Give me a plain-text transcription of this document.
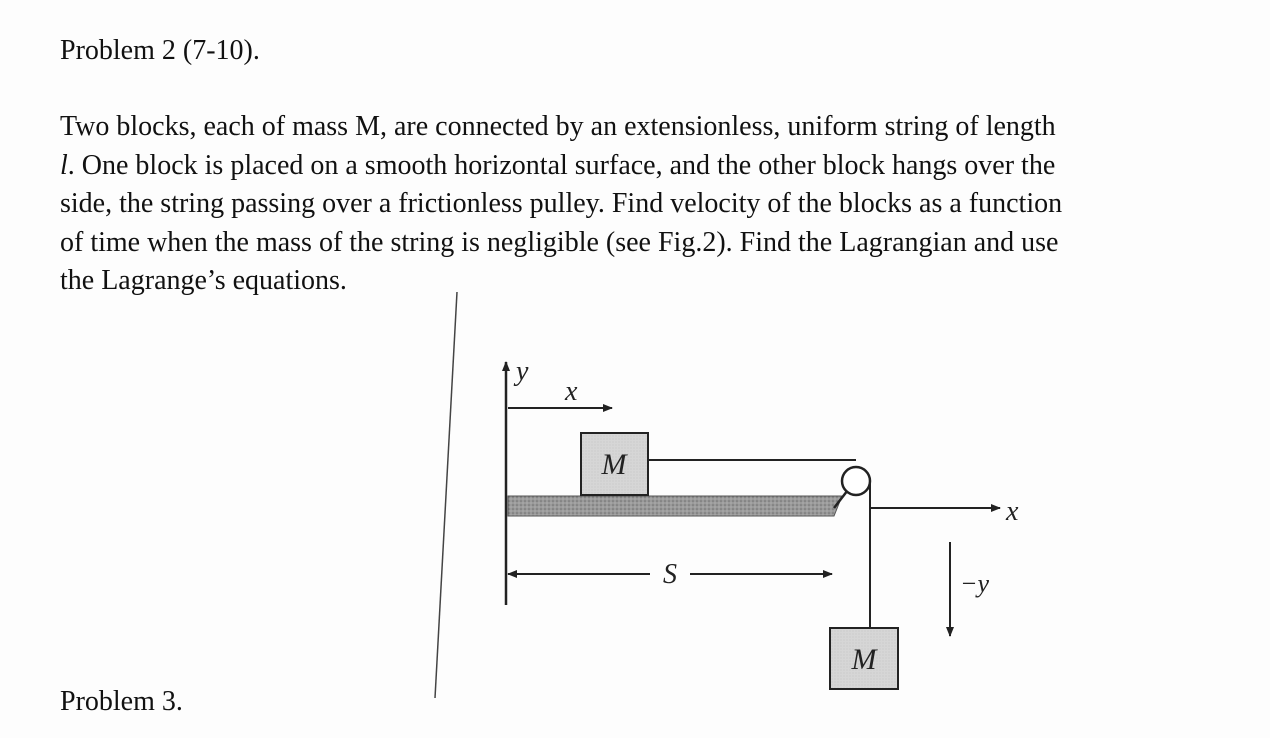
Problem 2 (7-10).
Two blocks, each of mass M, are connected by an extensionless, uniform string of length
l. One block is placed on a smooth horizontal surface, and the other block hangs over the
side, the string passing over a frictionless pulley. Find velocity of the blocks as a function
of time when the mass of the string is negligible (see Fig.2). Find the Lagrangian and use
the Lagrange’s equations.
y
x
M
x
M
−y
S
Problem 3.
